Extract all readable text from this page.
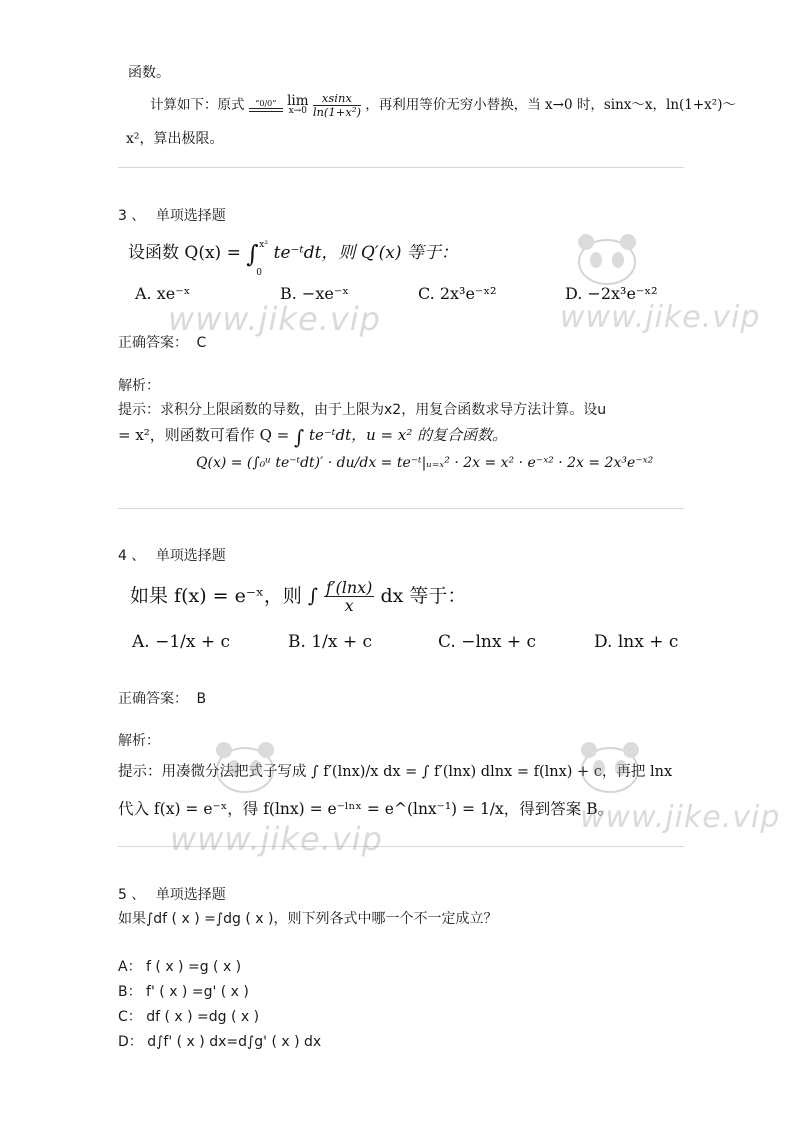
函数。
计算如下：原式	“0/0” lim
x→0
$\frac{xsinx}{\text{ln(1+x²)}}$ ，再利用等价无穷小替换，当 x→0 时，sinx～x，ln(1+x²)～
x²，算出极限。
3 、 单项选择题
设函数 Q(x) = ∫ x²
0
te⁻ᵗdt，则 Q′(x) 等于：
A. xe⁻ˣ	B. −xe⁻ˣ	C. 2x³e⁻ˣ²	D. −2x³e⁻ˣ²
正确答案： C
解析：
提示：求积分上限函数的导数，由于上限为x2，用复合函数求导方法计算。设u
= x²，则函数可看作 Q = ∫ te⁻ᵗdt，u = x² 的复合函数。
Q(x) = (∫₀ᵘ te⁻ᵗdt)′ · du/dx = te⁻ᵗ|ᵤ₌ₓ² · 2x = x² · e⁻ˣ² · 2x = 2x³e⁻ˣ²
4 、 单项选择题
如果 f(x) = e⁻ˣ，则 ∫ $\frac{f'(\ln x)}{x}$ dx 等于：
A. −1/x + c	B. 1/x + c	C. −lnx + c	D. lnx + c
正确答案： B
解析：
提示：用凑微分法把式子写成 ∫ f′(lnx)/x dx = ∫ f′(lnx) dlnx = f(lnx) + c，再把 lnx
代入 f(x) = e⁻ˣ，得 f(lnx) = e⁻ˡⁿˣ = e^(lnx⁻¹) = 1/x，得到答案 B。
5 、 单项选择题
如果∫df ( x ) =∫dg ( x )，则下列各式中哪一个不一定成立？
A： f ( x ) =g ( x )
B： f' ( x ) =g' ( x )
C： df ( x ) =dg ( x )
D： d∫f' ( x ) dx=d∫g' ( x ) dx
www.jike.vip	www.jike.vip
www.jike.vip
www.jike.vip
